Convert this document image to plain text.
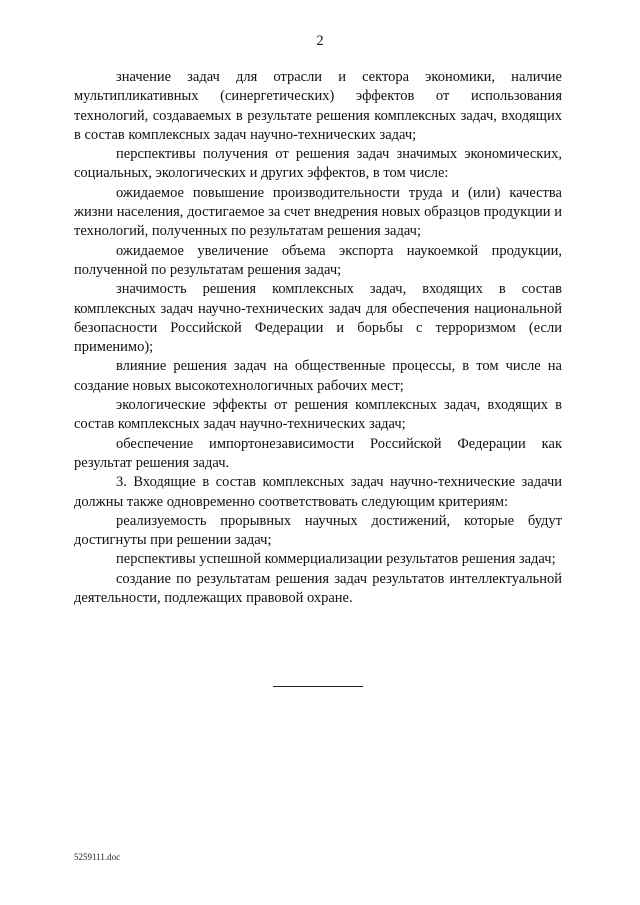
2

значение задач для отрасли и сектора экономики, наличие мультипликативных (синергетических) эффектов от использования технологий, создаваемых в результате решения комплексных задач, входящих в состав комплексных задач научно-технических задач;

перспективы получения от решения задач значимых экономических, социальных, экологических и других эффектов, в том числе:

ожидаемое повышение производительности труда и (или) качества жизни населения, достигаемое за счет внедрения новых образцов продукции и технологий, полученных по результатам решения задач;

ожидаемое увеличение объема экспорта наукоемкой продукции, полученной по результатам решения задач;

значимость решения комплексных задач, входящих в состав комплексных задач научно-технических задач для обеспечения национальной безопасности Российской Федерации и борьбы с терроризмом (если применимо);

влияние решения задач на общественные процессы, в том числе на создание новых высокотехнологичных рабочих мест;

экологические эффекты от решения комплексных задач, входящих в состав комплексных задач научно-технических задач;

обеспечение импортонезависимости Российской Федерации как результат решения задач.

3. Входящие в состав комплексных задач научно-технические задачи должны также одновременно соответствовать следующим критериям:

реализуемость прорывных научных достижений, которые будут достигнуты при решении задач;

перспективы успешной коммерциализации результатов решения задач;

создание по результатам решения задач результатов интеллектуальной деятельности, подлежащих правовой охране.

5259111.doc
